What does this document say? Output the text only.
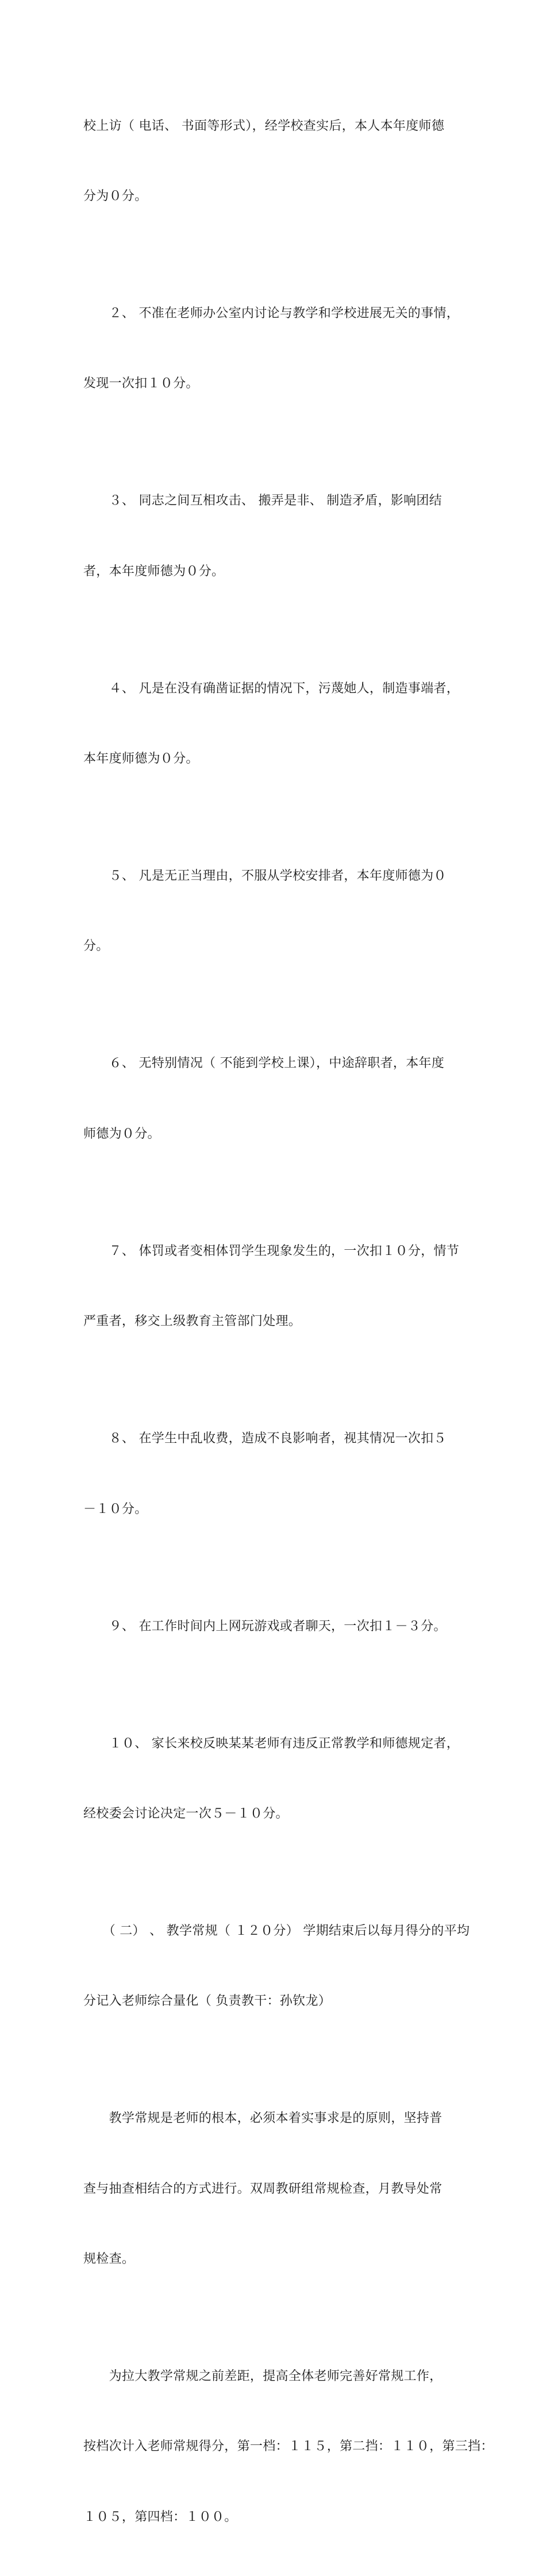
校上访（ 电话、 书面等形式），经学校查实后，本人本年度师德

分为０分。

　　２、 不准在老师办公室内讨论与教学和学校进展无关的事情，

发现一次扣１０分。

　　３、 同志之间互相攻击、 搬弄是非、 制造矛盾，影响团结

者，本年度师德为０分。

　　４、 凡是在没有确凿证据的情况下，污蔑她人，制造事端者，

本年度师德为０分。

　　５、 凡是无正当理由，不服从学校安排者，本年度师德为０

分。

　　６、 无特别情况（ 不能到学校上课），中途辞职者，本年度

师德为０分。

　　７、 体罚或者变相体罚学生现象发生的，一次扣１０分，情节

严重者，移交上级教育主管部门处理。

　　８、 在学生中乱收费，造成不良影响者，视其情况一次扣５

－１０分。

　　９、 在工作时间内上网玩游戏或者聊天，一次扣１－３分。

　　１０、 家长来校反映某某老师有违反正常教学和师德规定者，

经校委会讨论决定一次５－１０分。

　　（ 二） 、 教学常规（ １２０分） 学期结束后以每月得分的平均

分记入老师综合量化（ 负责教干：孙钦龙）

　　教学常规是老师的根本，必须本着实事求是的原则，坚持普

查与抽查相结合的方式进行。双周教研组常规检查，月教导处常

规检查。

　　为拉大教学常规之前差距，提高全体老师完善好常规工作，

按档次计入老师常规得分，第一档：１１５，第二挡：１１０，第三挡：

１０５，第四档：１００。
